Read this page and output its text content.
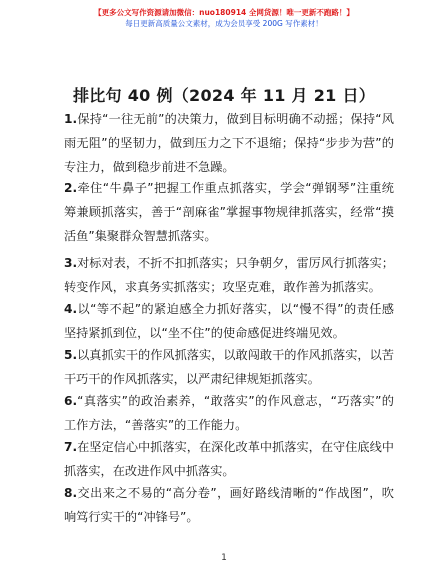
【更多公文写作资源请加微信：nuo180914 全网货源！唯一更新不跑路！】
每日更新高质量公文素材，成为会员享受 200G 写作素材！
排比句 40 例（2024 年 11 月 21 日）
1.保持“一往无前”的决策力，做到目标明确不动摇；保持“风雨无阻”的坚韧力，做到压力之下不退缩；保持“步步为营”的专注力，做到稳步前进不急躁。
2.牵住“牛鼻子”把握工作重点抓落实，学会“弹钢琴”注重统筹兼顾抓落实，善于“剖麻雀”掌握事物规律抓落实，经常“摸活鱼”集聚群众智慧抓落实。
3.对标对表，不折不扣抓落实；只争朝夕，雷厉风行抓落实；转变作风，求真务实抓落实；攻坚克难，敢作善为抓落实。
4.以“等不起”的紧迫感全力抓好落实，以“慢不得”的责任感坚持紧抓到位，以“坐不住”的使命感促进终端见效。
5.以真抓实干的作风抓落实，以敢闯敢干的作风抓落实，以苦干巧干的作风抓落实，以严肃纪律规矩抓落实。
6.“真落实”的政治素养，“敢落实”的作风意志，“巧落实”的工作方法，“善落实”的工作能力。
7.在坚定信心中抓落实，在深化改革中抓落实，在守住底线中抓落实，在改进作风中抓落实。
8.交出来之不易的“高分卷”，画好路线清晰的“作战图”，吹响笃行实干的“冲锋号”。
1
